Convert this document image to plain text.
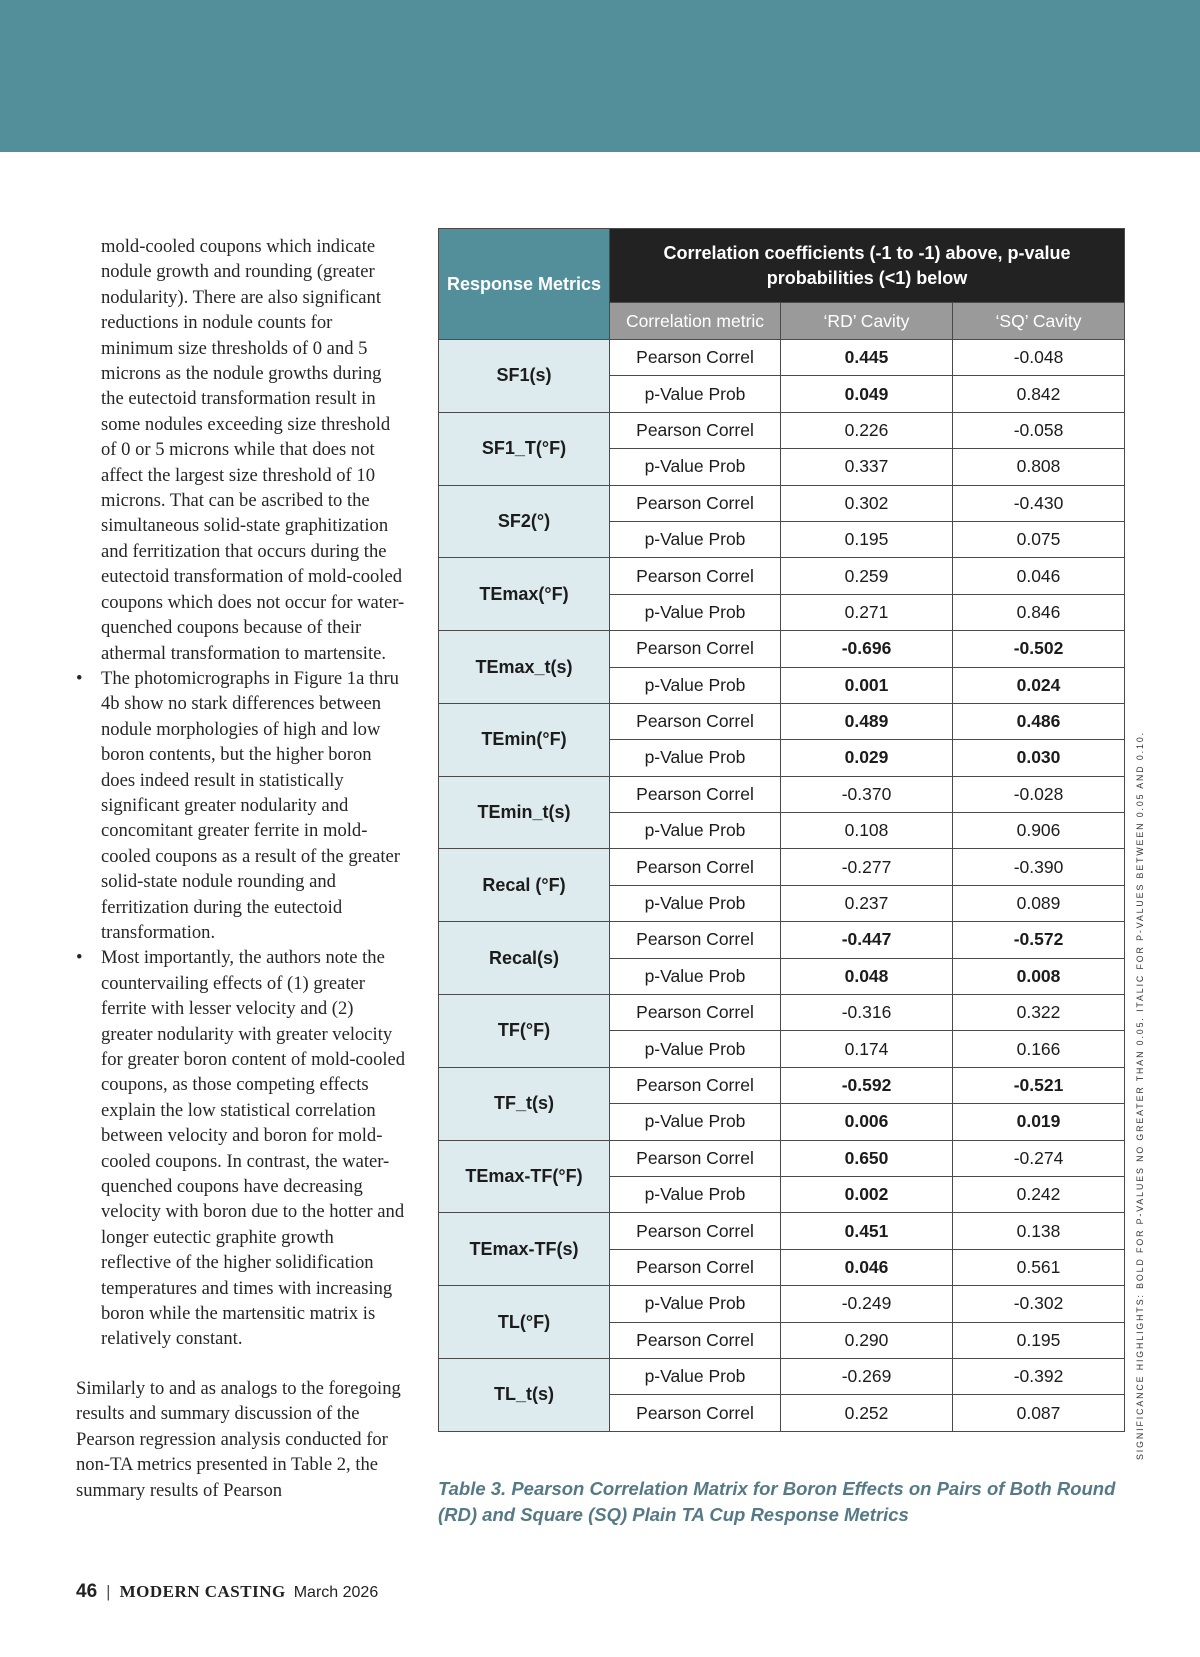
mold-cooled coupons which indicate nodule growth and rounding (greater nodularity). There are also significant reductions in nodule counts for minimum size thresholds of 0 and 5 microns as the nodule growths during the eutectoid transformation result in some nodules exceeding size threshold of 0 or 5 microns while that does not affect the largest size threshold of 10 microns. That can be ascribed to the simultaneous solid-state graphitization and ferritization that occurs during the eutectoid transformation of mold-cooled coupons which does not occur for water-quenched coupons because of their athermal transformation to martensite.

• The photomicrographs in Figure 1a thru 4b show no stark differences between nodule morphologies of high and low boron contents, but the higher boron does indeed result in statistically significant greater nodularity and concomitant greater ferrite in mold-cooled coupons as a result of the greater solid-state nodule rounding and ferritization during the eutectoid transformation.

• Most importantly, the authors note the countervailing effects of (1) greater ferrite with lesser velocity and (2) greater nodularity with greater velocity for greater boron content of mold-cooled coupons, as those competing effects explain the low statistical correlation between velocity and boron for mold-cooled coupons. In contrast, the water-quenched coupons have decreasing velocity with boron due to the hotter and longer eutectic graphite growth reflective of the higher solidification temperatures and times with increasing boron while the martensitic matrix is relatively constant.

Similarly to and as analogs to the foregoing results and summary discussion of the Pearson regression analysis conducted for non-TA metrics presented in Table 2, the summary results of Pearson

Response Metrics	Correlation coefficients (-1 to -1) above, p-value probabilities (<1) below		
	Correlation metric	‘RD’ Cavity	‘SQ’ Cavity
SF1(s)	Pearson Correl	0.445	-0.048
	p-Value Prob	0.049	0.842
SF1_T(°F)	Pearson Correl	0.226	-0.058
	p-Value Prob	0.337	0.808
SF2(°)	Pearson Correl	0.302	-0.430
	p-Value Prob	0.195	0.075
TEmax(°F)	Pearson Correl	0.259	0.046
	p-Value Prob	0.271	0.846
TEmax_t(s)	Pearson Correl	-0.696	-0.502
	p-Value Prob	0.001	0.024
TEmin(°F)	Pearson Correl	0.489	0.486
	p-Value Prob	0.029	0.030
TEmin_t(s)	Pearson Correl	-0.370	-0.028
	p-Value Prob	0.108	0.906
Recal (°F)	Pearson Correl	-0.277	-0.390
	p-Value Prob	0.237	0.089
Recal(s)	Pearson Correl	-0.447	-0.572
	p-Value Prob	0.048	0.008
TF(°F)	Pearson Correl	-0.316	0.322
	p-Value Prob	0.174	0.166
TF_t(s)	Pearson Correl	-0.592	-0.521
	p-Value Prob	0.006	0.019
TEmax-TF(°F)	Pearson Correl	0.650	-0.274
	p-Value Prob	0.002	0.242
TEmax-TF(s)	Pearson Correl	0.451	0.138
	Pearson Correl	0.046	0.561
TL(°F)	p-Value Prob	-0.249	-0.302
	Pearson Correl	0.290	0.195
TL_t(s)	p-Value Prob	-0.269	-0.392
	Pearson Correl	0.252	0.087
Table 3. Pearson Correlation Matrix for Boron Effects on Pairs of Both Round (RD) and Square (SQ) Plain TA Cup Response Metrics
SIGNIFICANCE HIGHLIGHTS: BOLD FOR P-VALUES NO GREATER THAN 0.05. ITALIC FOR P-VALUES BETWEEN 0.05 AND 0.10.
46 | MODERN CASTING March 2026
